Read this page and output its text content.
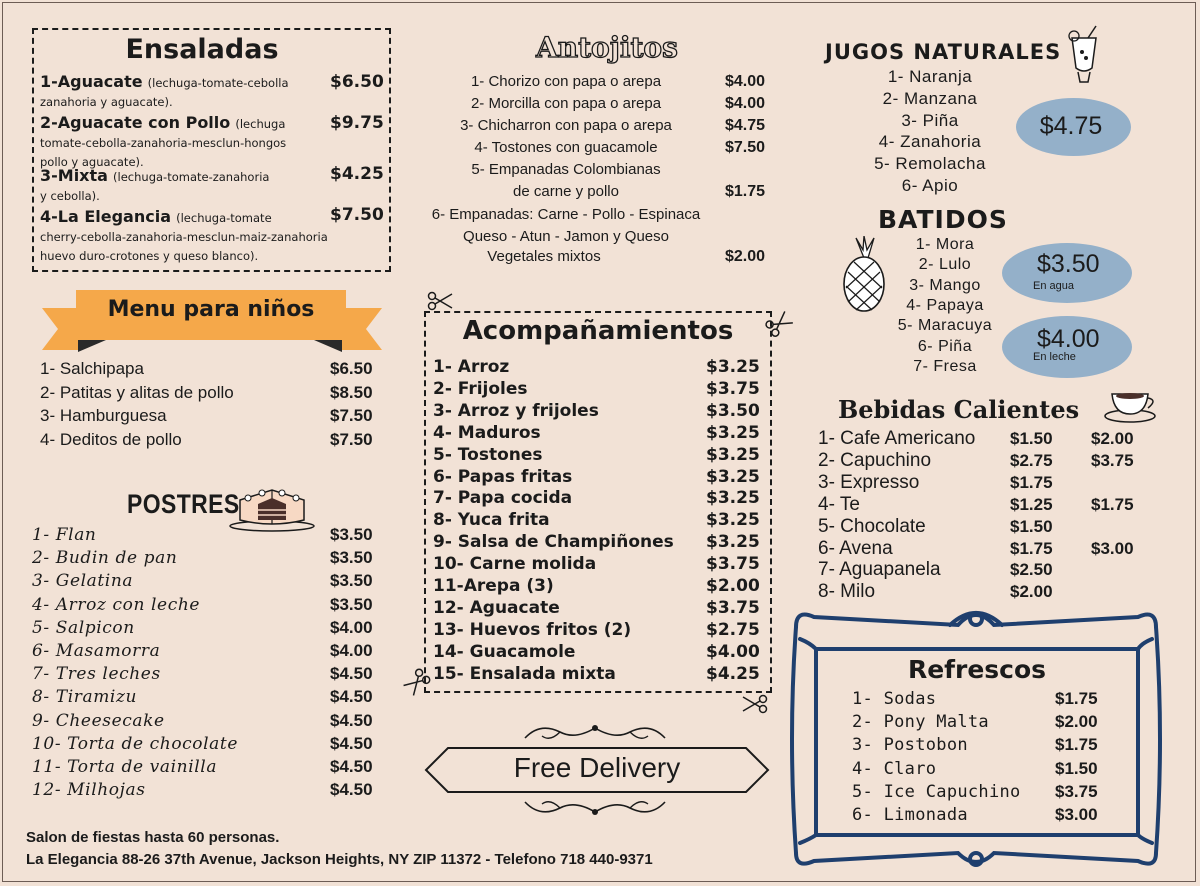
Ensaladas
1-Aguacate (lechuga-tomate-cebolla
zanahoria y aguacate).
$6.50
2-Aguacate con Pollo (lechuga
tomate-cebolla-zanahoria-mesclun-hongos
pollo y aguacate).
$9.75
3-Mixta (lechuga-tomate-zanahoria
y cebolla).
$4.25
4-La Elegancia (lechuga-tomate
cherry-cebolla-zanahoria-mesclun-maiz-zanahoria
huevo duro-crotones y queso blanco).
$7.50
Menu para niños
POSTRES
Antojitos
Acompañamientos
Free Delivery
JUGOS NATURALES
$4.75
BATIDOS
$3.50
En agua
$4.00
En leche
Bebidas Calientes
Refrescos
Salon de fiestas hasta 60 personas.
La Elegancia 88-26 37th Avenue, Jackson Heights, NY ZIP 11372 - Telefono 718 440-9371
1- Salchipapa	$6.50
2- Patitas y alitas de pollo	$8.50
3- Hamburguesa	$7.50
4- Deditos de pollo	$7.50
1- Flan	$3.50
2- Budin de pan	$3.50
3- Gelatina	$3.50
4- Arroz con leche	$3.50
5- Salpicon	$4.00
6- Masamorra	$4.00
7- Tres leches	$4.50
8- Tiramizu	$4.50
9- Cheesecake	$4.50
10- Torta de chocolate	$4.50
11- Torta de vainilla	$4.50
12- Milhojas	$4.50
1- Chorizo con papa o arepa	$4.00
2- Morcilla con papa o arepa	$4.00
3- Chicharron con papa o arepa	$4.75
4- Tostones con guacamole	$7.50
5- Empanadas Colombianas
de carne y pollo	$1.75
6- Empanadas: Carne - Pollo - Espinaca
Queso - Atun - Jamon y Queso
Vegetales mixtos	$2.00
1- Arroz	$3.25
2- Frijoles	$3.75
3- Arroz y frijoles	$3.50
4- Maduros	$3.25
5- Tostones	$3.25
6- Papas fritas	$3.25
7- Papa cocida	$3.25
8- Yuca frita	$3.25
9- Salsa de Champiñones $3.25
10- Carne molida	$3.75
11-Arepa (3)	$2.00
12- Aguacate	$3.75
13- Huevos fritos (2)	$2.75
14- Guacamole	$4.00
15- Ensalada mixta	$4.25
1- Naranja
2- Manzana
3- Piña
4- Zanahoria
5- Remolacha
6- Apio
1- Mora
2- Lulo
3- Mango
4- Papaya
5- Maracuya
6- Piña
7- Fresa
1- Cafe Americano $1.50 $2.00
2- Capuchino	$2.75 $3.75
3- Expresso	$1.75
4- Te	$1.25 $1.75
5- Chocolate	$1.50
6- Avena	$1.75 $3.00
7- Aguapanela	$2.50
8- Milo	$2.00
1- Sodas	$1.75
2- Pony Malta	$2.00
3- Postobon	$1.75
4- Claro	$1.50
5- Ice Capuchino $3.75
6- Limonada	$3.00
